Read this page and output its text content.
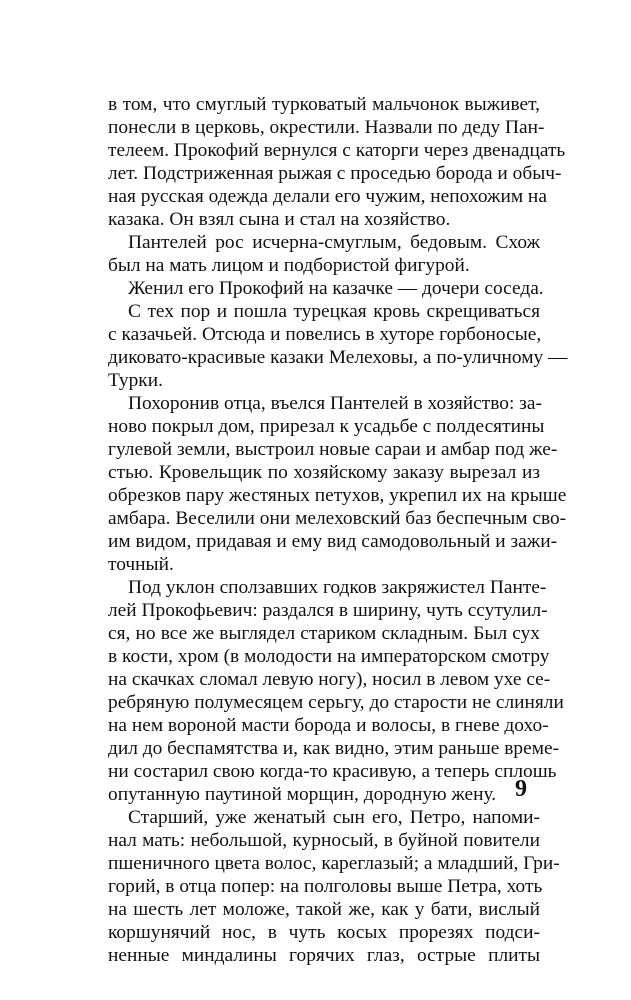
в том, что смуглый турковатый мальчонок выживет,
понесли в церковь, окрестили. Назвали по деду Пан-
телеем. Прокофий вернулся с каторги через двенадцать
лет. Подстриженная рыжая с проседью борода и обыч-
ная русская одежда делали его чужим, непохожим на
казака. Он взял сына и стал на хозяйство.
Пантелей рос исчерна-смуглым, бедовым. Схож
был на мать лицом и подбористой фигурой.
Женил его Прокофий на казачке — дочери соседа.
С тех пор и пошла турецкая кровь скрещиваться
с казачьей. Отсюда и повелись в хуторе горбоносые,
диковато-красивые казаки Мелеховы, а по-уличному —
Турки.
Похоронив отца, въелся Пантелей в хозяйство: за-
ново покрыл дом, прирезал к усадьбе с полдесятины
гулевой земли, выстроил новые сараи и амбар под же-
стью. Кровельщик по хозяйскому заказу вырезал из
обрезков пару жестяных петухов, укрепил их на крыше
амбара. Веселили они мелеховский баз беспечным сво-
им видом, придавая и ему вид самодовольный и зажи-
точный.
Под уклон сползавших годков закряжистел Панте-
лей Прокофьевич: раздался в ширину, чуть ссутулил-
ся, но все же выглядел стариком складным. Был сух
в кости, хром (в молодости на императорском смотру
на скачках сломал левую ногу), носил в левом ухе се-
ребряную полумесяцем серьгу, до старости не слиняли
на нем вороной масти борода и волосы, в гневе дохо-
дил до беспамятства и, как видно, этим раньше време-
ни состарил свою когда-то красивую, а теперь сплошь
опутанную паутиной морщин, дородную жену.
Старший, уже женатый сын его, Петро, напоми-
нал мать: небольшой, курносый, в буйной повители
пшеничного цвета волос, кареглазый; а младший, Гри-
горий, в отца попер: на полголовы выше Петра, хоть
на шесть лет моложе, такой же, как у бати, вислый
коршунячий нос, в чуть косых прорезях подси-
ненные миндалины горячих глаз, острые плиты
9
